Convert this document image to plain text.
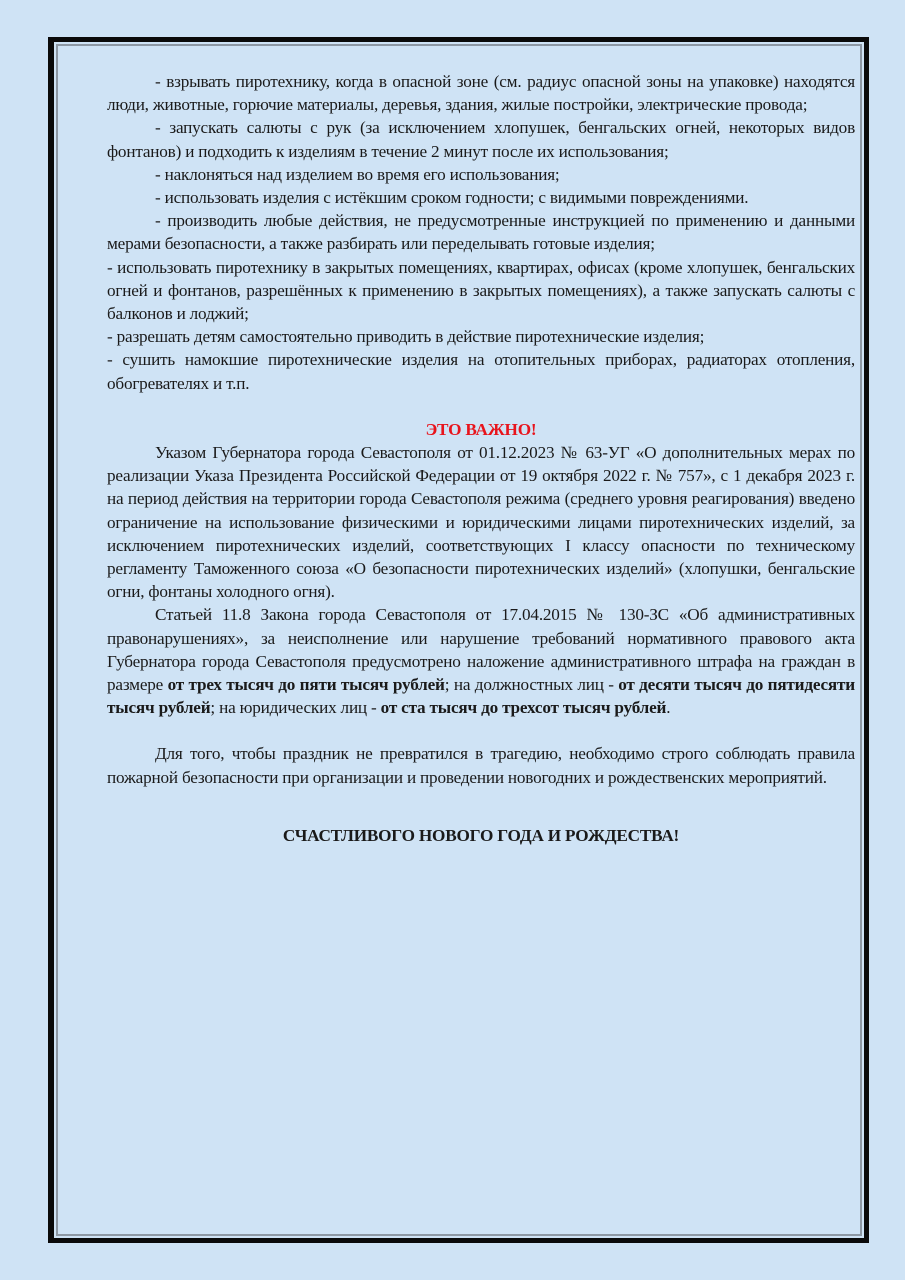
- взрывать пиротехнику, когда в опасной зоне (см. радиус опасной зоны на упаковке) находятся люди, животные, горючие материалы, деревья, здания, жилые постройки, электрические провода;

- запускать салюты с рук (за исключением хлопушек, бенгальских огней, некоторых видов фонтанов) и подходить к изделиям в течение 2 минут после их использования;

- наклоняться над изделием во время его использования;

- использовать изделия с истёкшим сроком годности; с видимыми повреждениями.

- производить любые действия, не предусмотренные инструкцией по применению и данными мерами безопасности, а также разбирать или переделывать готовые изделия;

- использовать пиротехнику в закрытых помещениях, квартирах, офисах (кроме хлопушек, бенгальских огней и фонтанов, разрешённых к применению в закрытых помещениях), а также запускать салюты с балконов и лоджий;

- разрешать детям самостоятельно приводить в действие пиротехнические изделия;

- сушить намокшие пиротехнические изделия на отопительных приборах, радиаторах отопления, обогревателях и т.п.

ЭТО ВАЖНО!

Указом Губернатора города Севастополя от 01.12.2023 № 63-УГ «О дополнительных мерах по реализации Указа Президента Российской Федерации от 19 октября 2022 г. № 757», с 1 декабря 2023 г. на период действия на территории города Севастополя режима (среднего уровня реагирования) введено ограничение на использование физическими и юридическими лицами пиротехнических изделий, за исключением пиротехнических изделий, соответствующих I классу опасности по техническому регламенту Таможенного союза «О безопасности пиротехнических изделий» (хлопушки, бенгальские огни, фонтаны холодного огня).

Статьей 11.8 Закона города Севастополя от 17.04.2015 № 130-ЗС «Об административных правонарушениях», за неисполнение или нарушение требований нормативного правового акта Губернатора города Севастополя предусмотрено наложение административного штрафа на граждан в размере от трех тысяч до пяти тысяч рублей; на должностных лиц - от десяти тысяч до пятидесяти тысяч рублей; на юридических лиц - от ста тысяч до трехсот тысяч рублей.

Для того, чтобы праздник не превратился в трагедию, необходимо строго соблюдать правила пожарной безопасности при организации и проведении новогодних и рождественских мероприятий.

СЧАСТЛИВОГО НОВОГО ГОДА И РОЖДЕСТВА!
